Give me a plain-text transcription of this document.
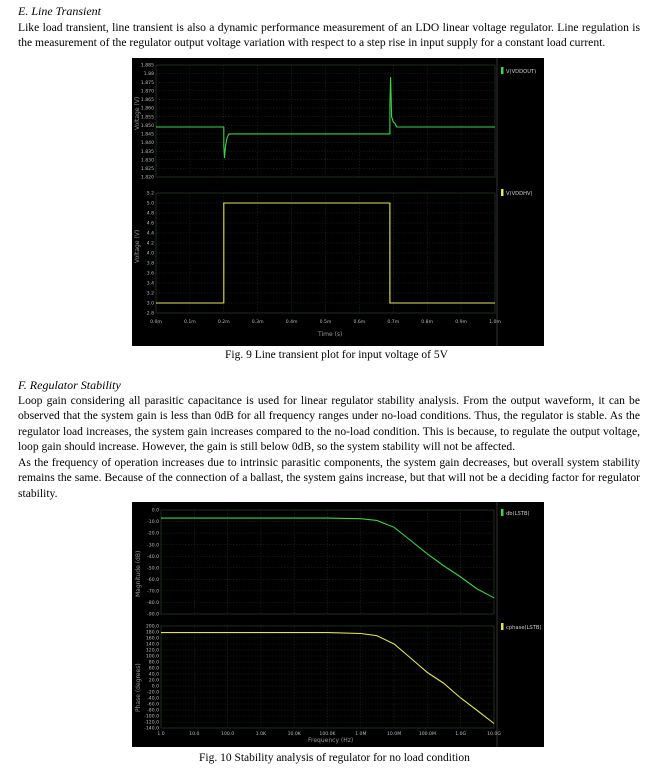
E. Line Transient
Like load transient, line transient is also a dynamic performance measurement of an LDO linear voltage regulator. Line regulation is the measurement of the regulator output voltage variation with respect to a step rise in input supply for a constant load current.
1.885
1.88
1.875
1.870
1.865
1.860
1.855
1.850
1.845
1.840
1.835
1.830
1.825
1.820
Voltage (V)
5.2
5.0
4.8
4.6
4.4
4.2
4.0
3.8
3.6
3.4
3.2
3.0
2.8
Voltage (V)
0.0m	0.1m	0.2m	0.3m	0.4m	0.5m	0.6m	0.7m	0.8m	0.9m	1.0m
Time (s)
V(VDDOUT)
V(VDDHV)
Fig. 9 Line transient plot for input voltage of 5V
F. Regulator Stability
Loop gain considering all parasitic capacitance is used for linear regulator stability analysis. From the output waveform, it can be observed that the system gain is less than 0dB for all frequency ranges under no-load conditions. Thus, the regulator is stable. As the regulator load increases, the system gain increases compared to the no-load condition. This is because, to regulate the output voltage, loop gain should increase. However, the gain is still below 0dB, so the system stability will not be affected.
As the frequency of operation increases due to intrinsic parasitic components, the system gain decreases, but overall system stability remains the same. Because of the connection of a ballast, the system gains increase, but that will not be a deciding factor for regulator stability.
0.0
-10.0
-20.0
-30.0
-40.0
-50.0
-60.0
-70.0
-80.0
-90.0
Magnitude (dB)
200.0
180.0
160.0
140.0
120.0
100.0
80.0
60.0
40.0
20.0
0.0
-20.0
-40.0
-60.0
-80.0
-100.0
-120.0
-140.0
Phase (degrees)
1.0	10.0	100.0	1.0K	10.0K	100.0K	1.0M	10.0M	100.0M	1.0G	10.0G
Frequency (Hz)
db(LSTB)
cphase(LSTB)
Fig. 10 Stability analysis of regulator for no load condition
